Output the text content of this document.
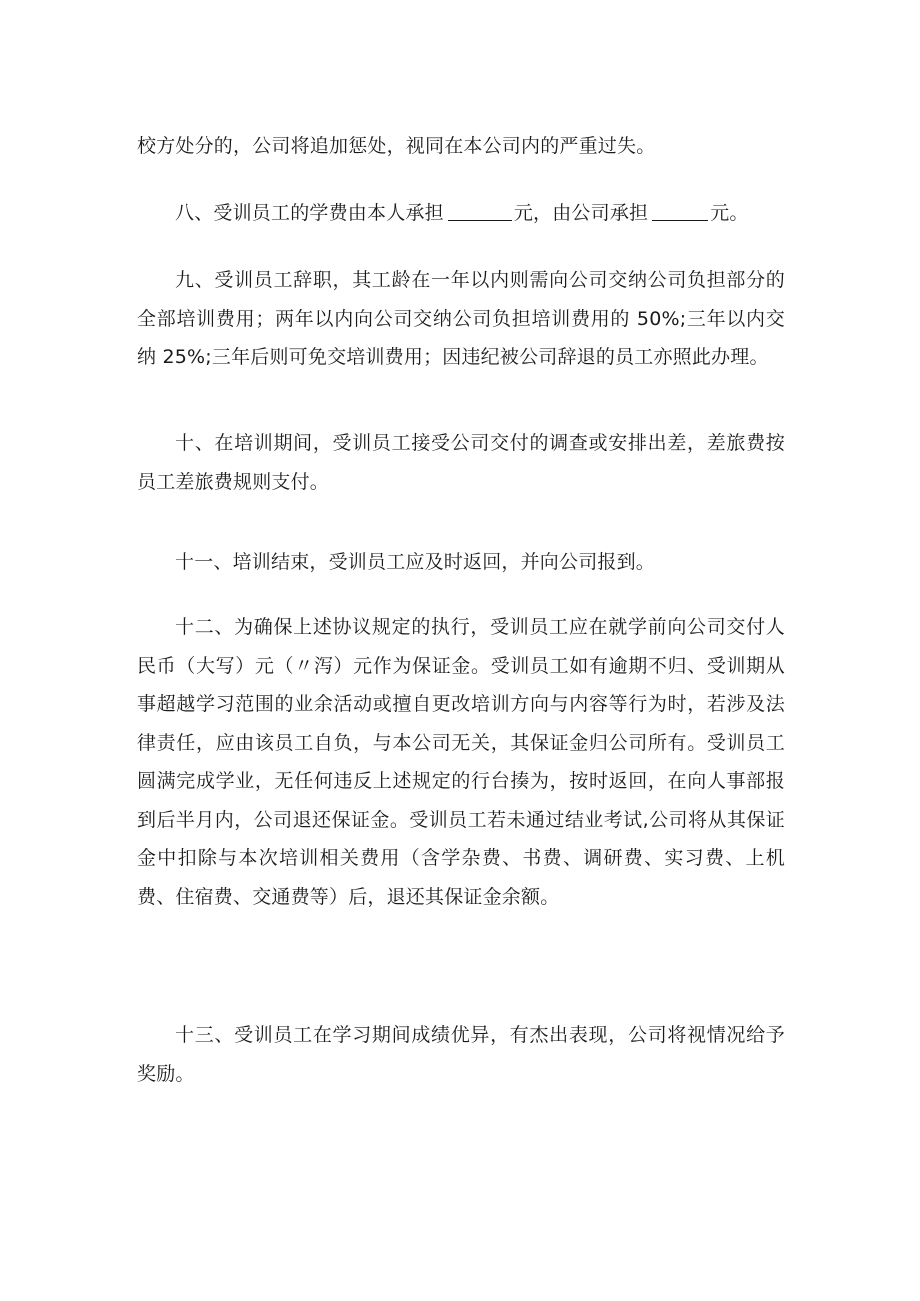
校方处分的，公司将追加惩处，视同在本公司内的严重过失。

八、受训员工的学费由本人承担	元，由公司承担	元。

九、受训员工辞职，其工龄在一年以内则需向公司交纳公司负担部分的全部培训费用；两年以内向公司交纳公司负担培训费用的 50%;三年以内交纳 25%;三年后则可免交培训费用；因违纪被公司辞退的员工亦照此办理。

十、在培训期间，受训员工接受公司交付的调查或安排出差，差旅费按员工差旅费规则支付。

十一、培训结束，受训员工应及时返回，并向公司报到。

十二、为确保上述协议规定的执行，受训员工应在就学前向公司交付人民币（大写）元（〃泻）元作为保证金。受训员工如有逾期不归、受训期从事超越学习范围的业余活动或擅自更改培训方向与内容等行为时，若涉及法律责任，应由该员工自负，与本公司无关，其保证金归公司所有。受训员工圆满完成学业，无任何违反上述规定的行台揍为，按时返回，在向人事部报到后半月内，公司退还保证金。受训员工若未通过结业考试,公司将从其保证金中扣除与本次培训相关费用（含学杂费、书费、调研费、实习费、上机费、住宿费、交通费等）后，退还其保证金余额。

十三、受训员工在学习期间成绩优异，有杰出表现，公司将视情况给予奖励。
